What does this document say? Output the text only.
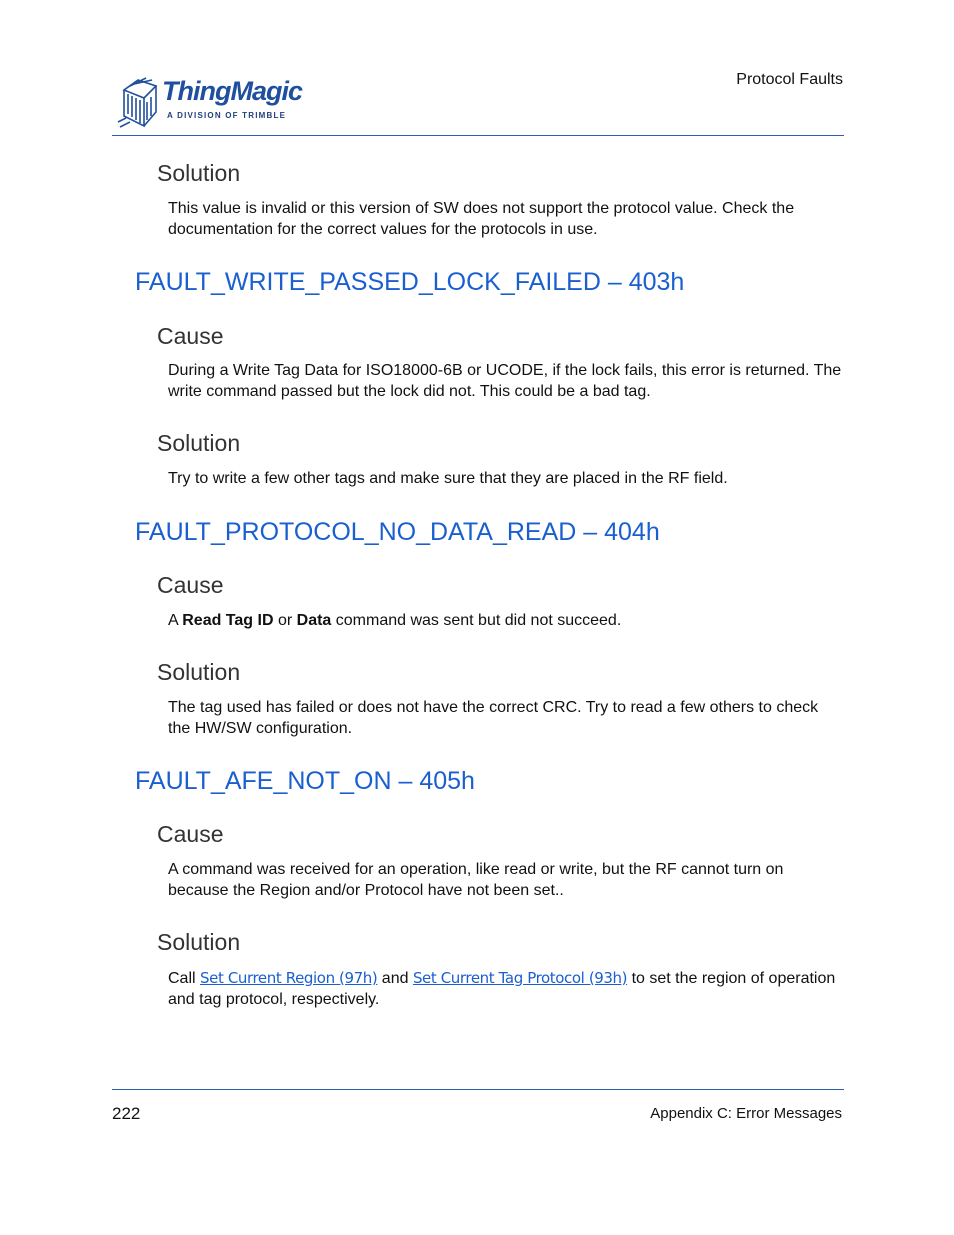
ThingMagic
A DIVISION OF TRIMBLE
Protocol Faults
Solution

This value is invalid or this version of SW does not support the protocol value. Check the documentation for the correct values for the protocols in use.

FAULT_WRITE_PASSED_LOCK_FAILED – 403h
Cause

During a Write Tag Data for ISO18000-6B or UCODE, if the lock fails, this error is returned. The write command passed but the lock did not. This could be a bad tag.

Solution

Try to write a few other tags and make sure that they are placed in the RF field.

FAULT_PROTOCOL_NO_DATA_READ – 404h
Cause

A Read Tag ID or Data command was sent but did not succeed.

Solution

The tag used has failed or does not have the correct CRC. Try to read a few others to check the HW/SW configuration.

FAULT_AFE_NOT_ON – 405h
Cause

A command was received for an operation, like read or write, but the RF cannot turn on because the Region and/or Protocol have not been set..

Solution

Call Set Current Region (97h) and Set Current Tag Protocol (93h) to set the region of operation and tag protocol, respectively.

222	Appendix C: Error Messages
